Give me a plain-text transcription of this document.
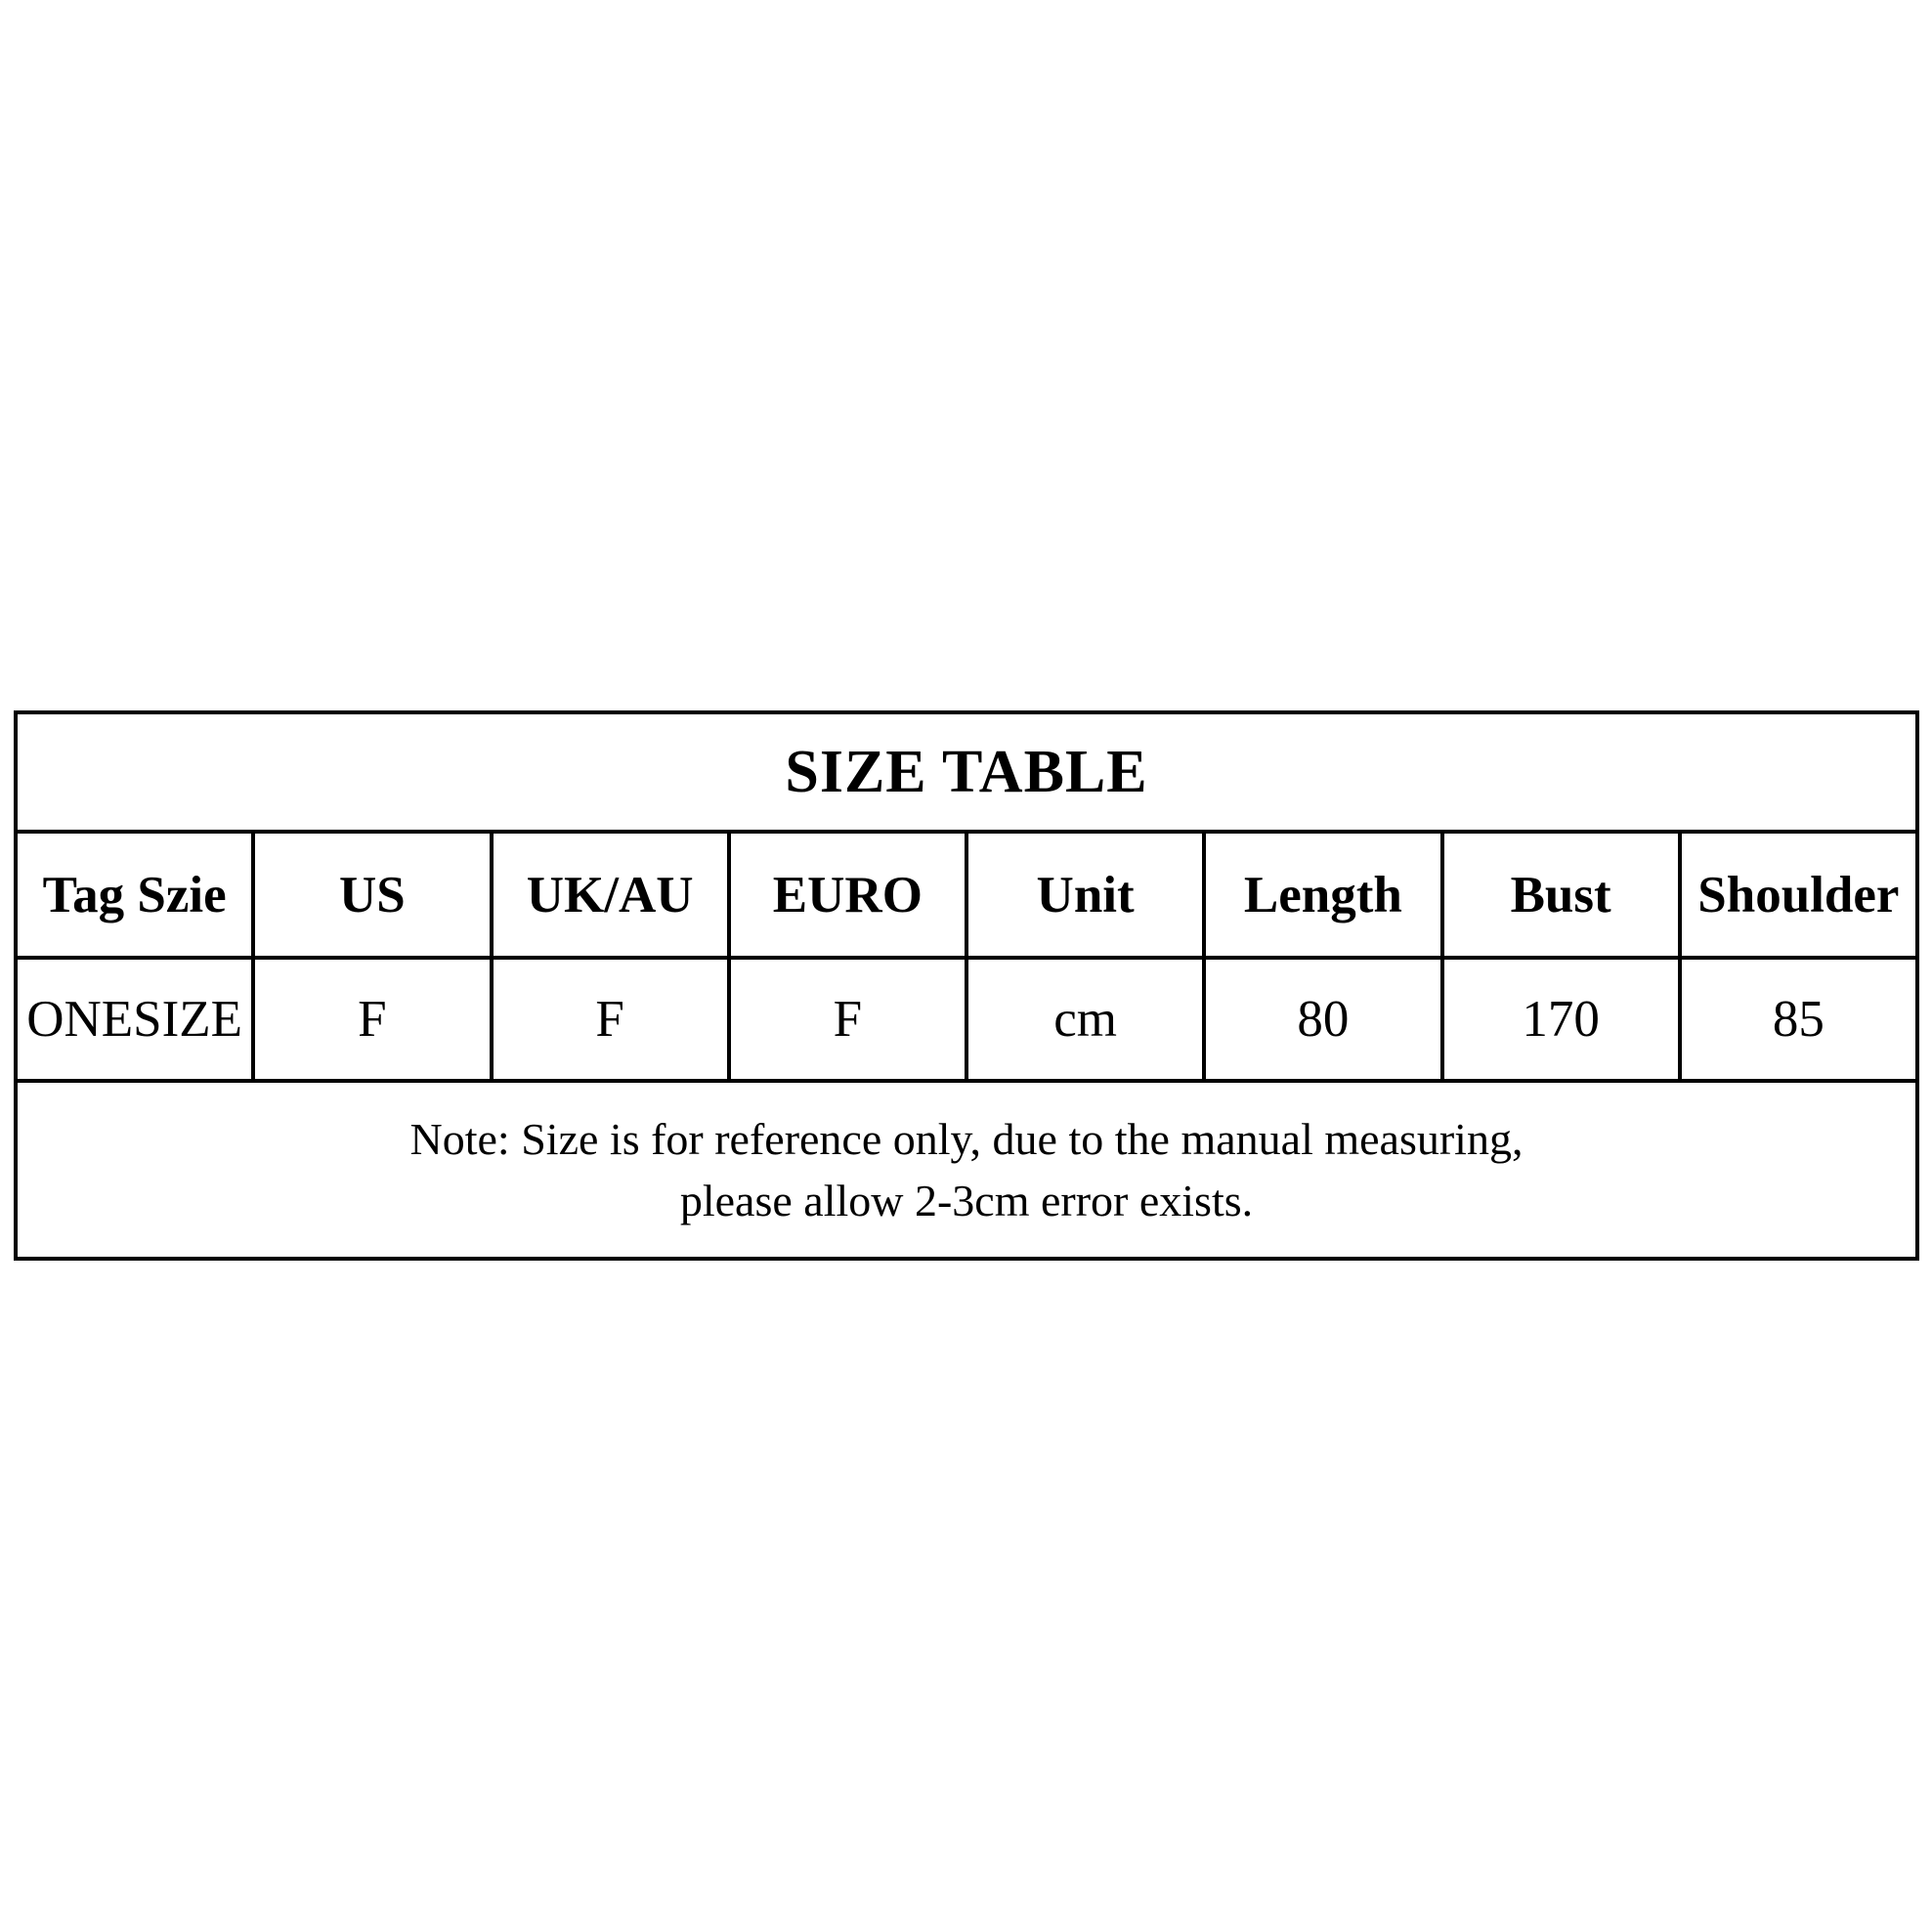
SIZE TABLE							
Tag Szie	US	UK/AU	EURO	Unit	Length	Bust	Shoulder
ONESIZE	F	F	F	cm	80	170	85

Note: Size is for reference only, due to the manual measuring,
please allow 2-3cm error exists.							
